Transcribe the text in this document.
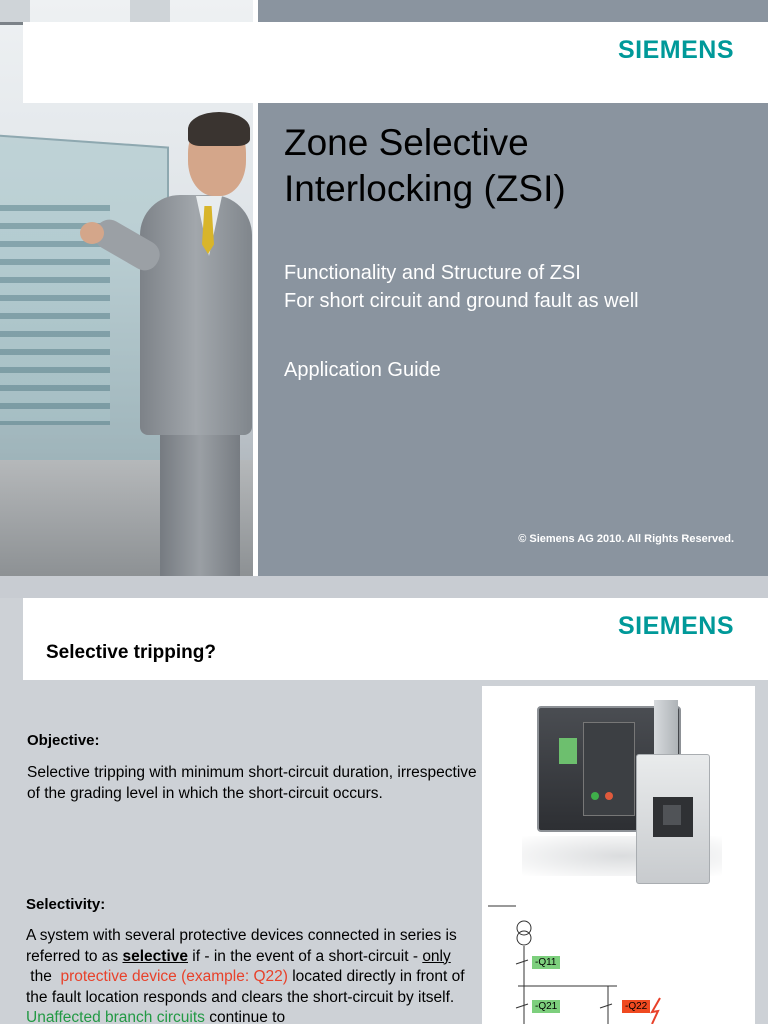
SIEMENS
Zone Selective
Interlocking (ZSI)
Functionality and Structure of ZSI
For short circuit and ground fault as well
Application Guide
© Siemens AG 2010. All Rights Reserved.
SIEMENS
Selective tripping?
Objective:
Selective tripping with minimum short-circuit duration, irrespective of the grading level in which the short-circuit occurs.
Selectivity:
A system with several protective devices connected in series is referred to as selective if - in the event of a short-circuit - only the  protective device (example: Q22) located directly in front of the fault location responds and clears the short-circuit by itself. Unaffected branch circuits continue to
-Q11
-Q21	-Q22
